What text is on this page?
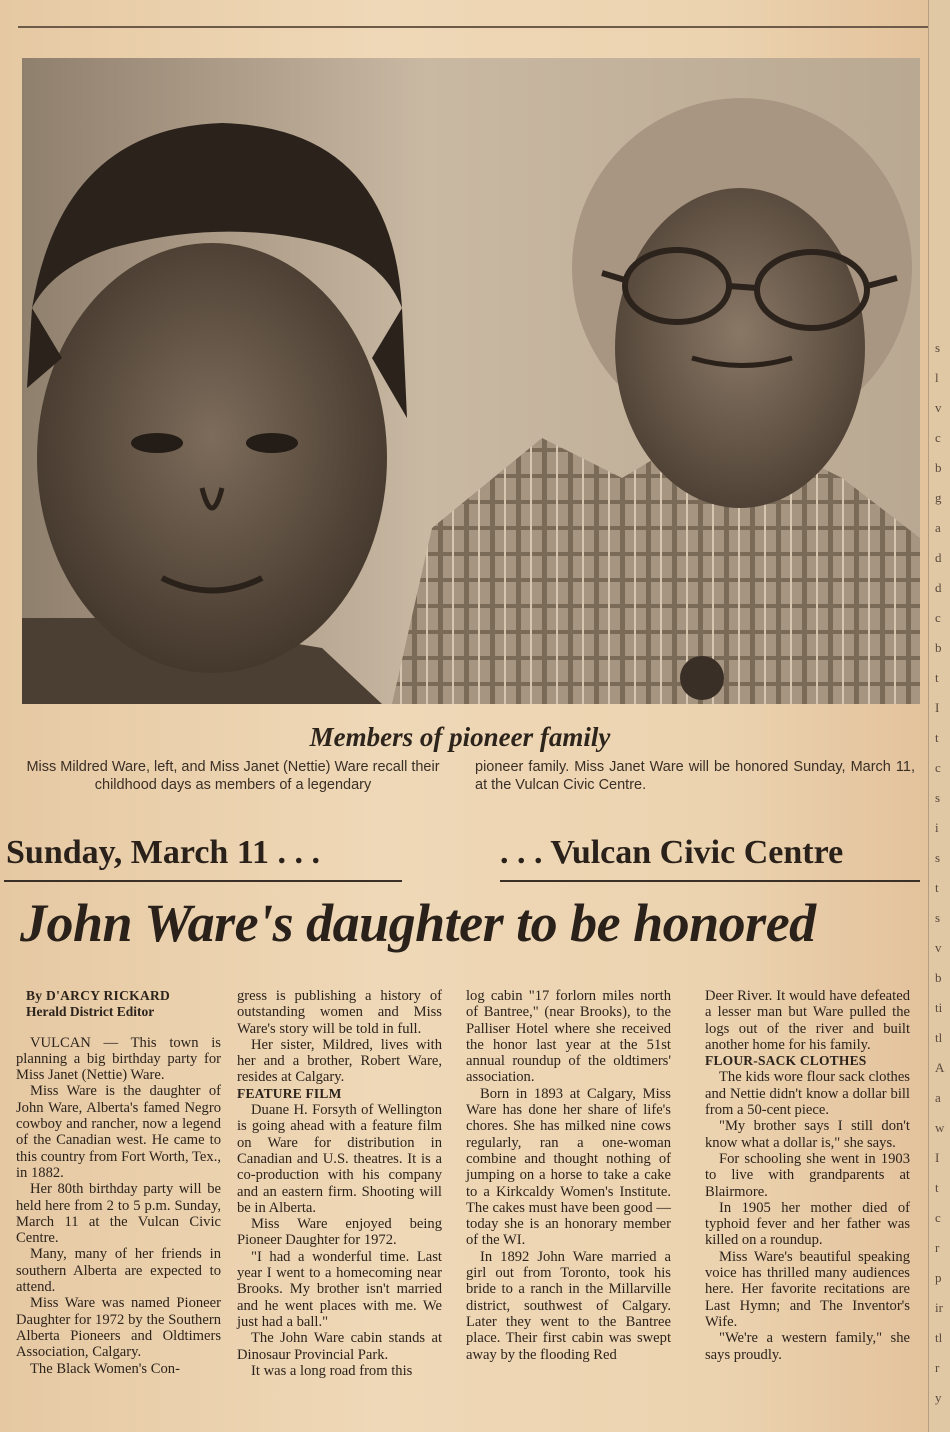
s
l
v
c
b
g
a
d
d
c
b
t
I
t
c
s
i
s
t
s
v
b
ti
tl
A
a
w
I
t
c
r
p
ir
tl
r
y
Members of pioneer family
Miss Mildred Ware, left, and Miss Janet (Nettie) Ware recall their childhood days as members of a legendary
pioneer family. Miss Janet Ware will be honored Sunday, March 11, at the Vulcan Civic Centre.
Sunday, March 11 . . .	. . . Vulcan Civic Centre
John Ware's daughter to be honored

By D'ARCY RICKARD

Herald District Editor

VULCAN — This town is planning a big birthday party for Miss Janet (Nettie) Ware.

Miss Ware is the daughter of John Ware, Alberta's famed Negro cowboy and rancher, now a legend of the Canadian west. He came to this country from Fort Worth, Tex., in 1882.

Her 80th birthday party will be held here from 2 to 5 p.m. Sunday, March 11 at the Vulcan Civic Centre.

Many, many of her friends in southern Alberta are expected to attend.

Miss Ware was named Pioneer Daughter for 1972 by the Southern Alberta Pioneers and Oldtimers Association, Calgary.

The Black Women's Con-

gress is publishing a history of outstanding women and Miss Ware's story will be told in full.

Her sister, Mildred, lives with her and a brother, Robert Ware, resides at Calgary.

FEATURE FILM

Duane H. Forsyth of Wellington is going ahead with a feature film on Ware for distribution in Canadian and U.S. theatres. It is a co-production with his company and an eastern firm. Shooting will be in Alberta.

Miss Ware enjoyed being Pioneer Daughter for 1972.

"I had a wonderful time. Last year I went to a homecoming near Brooks. My brother isn't married and he went places with me. We just had a ball."

The John Ware cabin stands at Dinosaur Provincial Park.

It was a long road from this

log cabin "17 forlorn miles north of Bantree," (near Brooks), to the Palliser Hotel where she received the honor last year at the 51st annual roundup of the oldtimers' association.

Born in 1893 at Calgary, Miss Ware has done her share of life's chores. She has milked nine cows regularly, ran a one-woman combine and thought nothing of jumping on a horse to take a cake to a Kirkcaldy Women's Institute. The cakes must have been good — today she is an honorary member of the WI.

In 1892 John Ware married a girl out from Toronto, took his bride to a ranch in the Millarville district, southwest of Calgary. Later they went to the Bantree place. Their first cabin was swept away by the flooding Red

Deer River. It would have defeated a lesser man but Ware pulled the logs out of the river and built another home for his family.

FLOUR-SACK CLOTHES

The kids wore flour sack clothes and Nettie didn't know a dollar bill from a 50-cent piece.

"My brother says I still don't know what a dollar is," she says.

For schooling she went in 1903 to live with grandparents at Blairmore.

In 1905 her mother died of typhoid fever and her father was killed on a roundup.

Miss Ware's beautiful speaking voice has thrilled many audiences here. Her favorite recitations are Last Hymn; and The Inventor's Wife.

"We're a western family," she says proudly.
